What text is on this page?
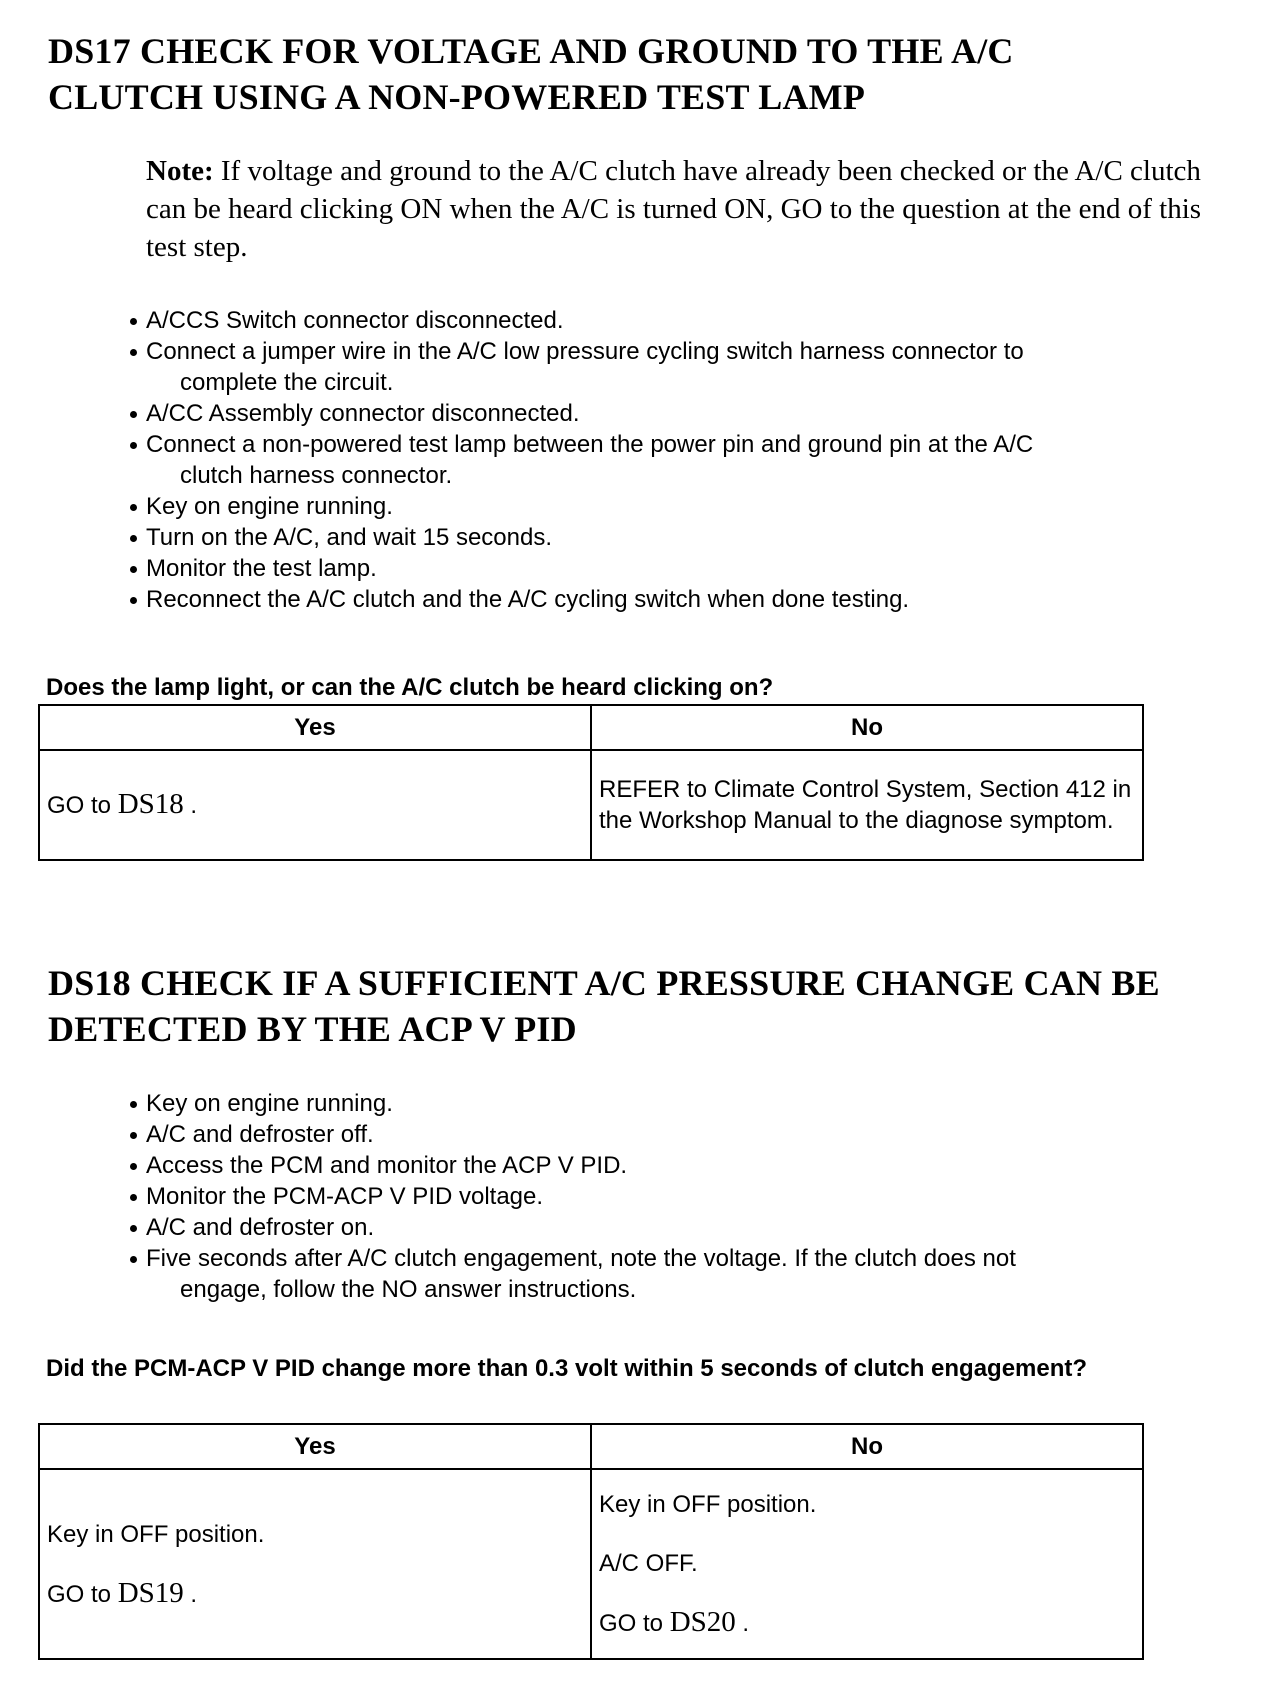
DS17 CHECK FOR VOLTAGE AND GROUND TO THE A/C
CLUTCH USING A NON-POWERED TEST LAMP

Note: If voltage and ground to the A/C clutch have already been checked or the A/C clutch can be heard clicking ON when the A/C is turned ON, GO to the question at the end of this test step.

A/CCS Switch connector disconnected.
Connect a jumper wire in the A/C low pressure cycling switch harness connector to
complete the circuit.
A/CC Assembly connector disconnected.
Connect a non-powered test lamp between the power pin and ground pin at the A/C
clutch harness connector.
Key on engine running.
Turn on the A/C, and wait 15 seconds.
Monitor the test lamp.
Reconnect the A/C clutch and the A/C cycling switch when done testing.

Does the lamp light, or can the A/C clutch be heard clicking on?

Yes	No
GO to DS18 .	REFER to Climate Control System, Section 412 in the Workshop Manual to the diagnose symptom.
DS18 CHECK IF A SUFFICIENT A/C PRESSURE CHANGE CAN BE
DETECTED BY THE ACP V PID
Key on engine running.
A/C and defroster off.
Access the PCM and monitor the ACP V PID.
Monitor the PCM-ACP V PID voltage.
A/C and defroster on.
Five seconds after A/C clutch engagement, note the voltage. If the clutch does not
engage, follow the NO answer instructions.

Did the PCM-ACP V PID change more than 0.3 volt within 5 seconds of clutch engagement?

Yes	No

Key in OFF position.
GO to DS19 .	Key in OFF position.
A/C OFF.
GO to DS20 .
